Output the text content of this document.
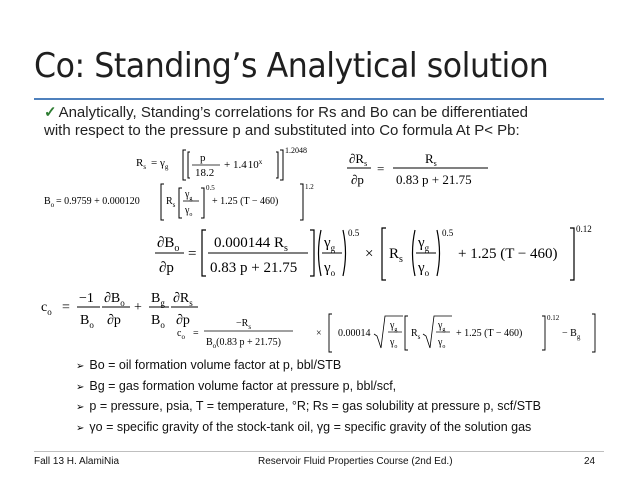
Co: Standing’s Analytical solution
✓ Analytically, Standing’s correlations for Rs and Bo can be differentiated
with respect to the pressure p and substituted into Co formula At P< Pb:
$R_s = \gamma_g$
p
18.2
+ $1.410^x$
1.2048
$B_o = 0.9759 + 0.000120$	$R_s$
$\gamma_g$
$\gamma_o$
0.5
+ 1.25 (T − 460)
1.2
$\partial R_s$
∂p
=
$R_s$
0.83 p + 21.75
$\partial B_o$
∂p
=
0.000144 $R_s$
0.83 p + 21.75
$\gamma_g$
$\gamma_o$
0.5
× $R_s$
$\gamma_g$
$\gamma_o$
0.5
+ 1.25 (T − 460)
0.12
$c_o$ =
−1
$B_o$
$\partial B_o$
∂p
+
$B_g$
$B_o$
$\partial R_s$
∂p
$c_o$ =
$-R_s$
$B_o(0.83$ p + 21.75)
× 0.00014
$\gamma_g$
$\gamma_o$
$R_s$
$\gamma_g$
$\gamma_o$
+ 1.25 (T − 460)
0.12
− $B_g$
➢ Bo = oil formation volume factor at p, bbl/STB
➢ Bg = gas formation volume factor at pressure p, bbl/scf,
➢ p = pressure, psia, T = temperature, °R; Rs = gas solubility at pressure p, scf/STB
➢ γo = specific gravity of the stock-tank oil, γg = specific gravity of the solution gas
Fall 13 H. AlamiNia	Reservoir Fluid Properties Course (2nd Ed.)	24
